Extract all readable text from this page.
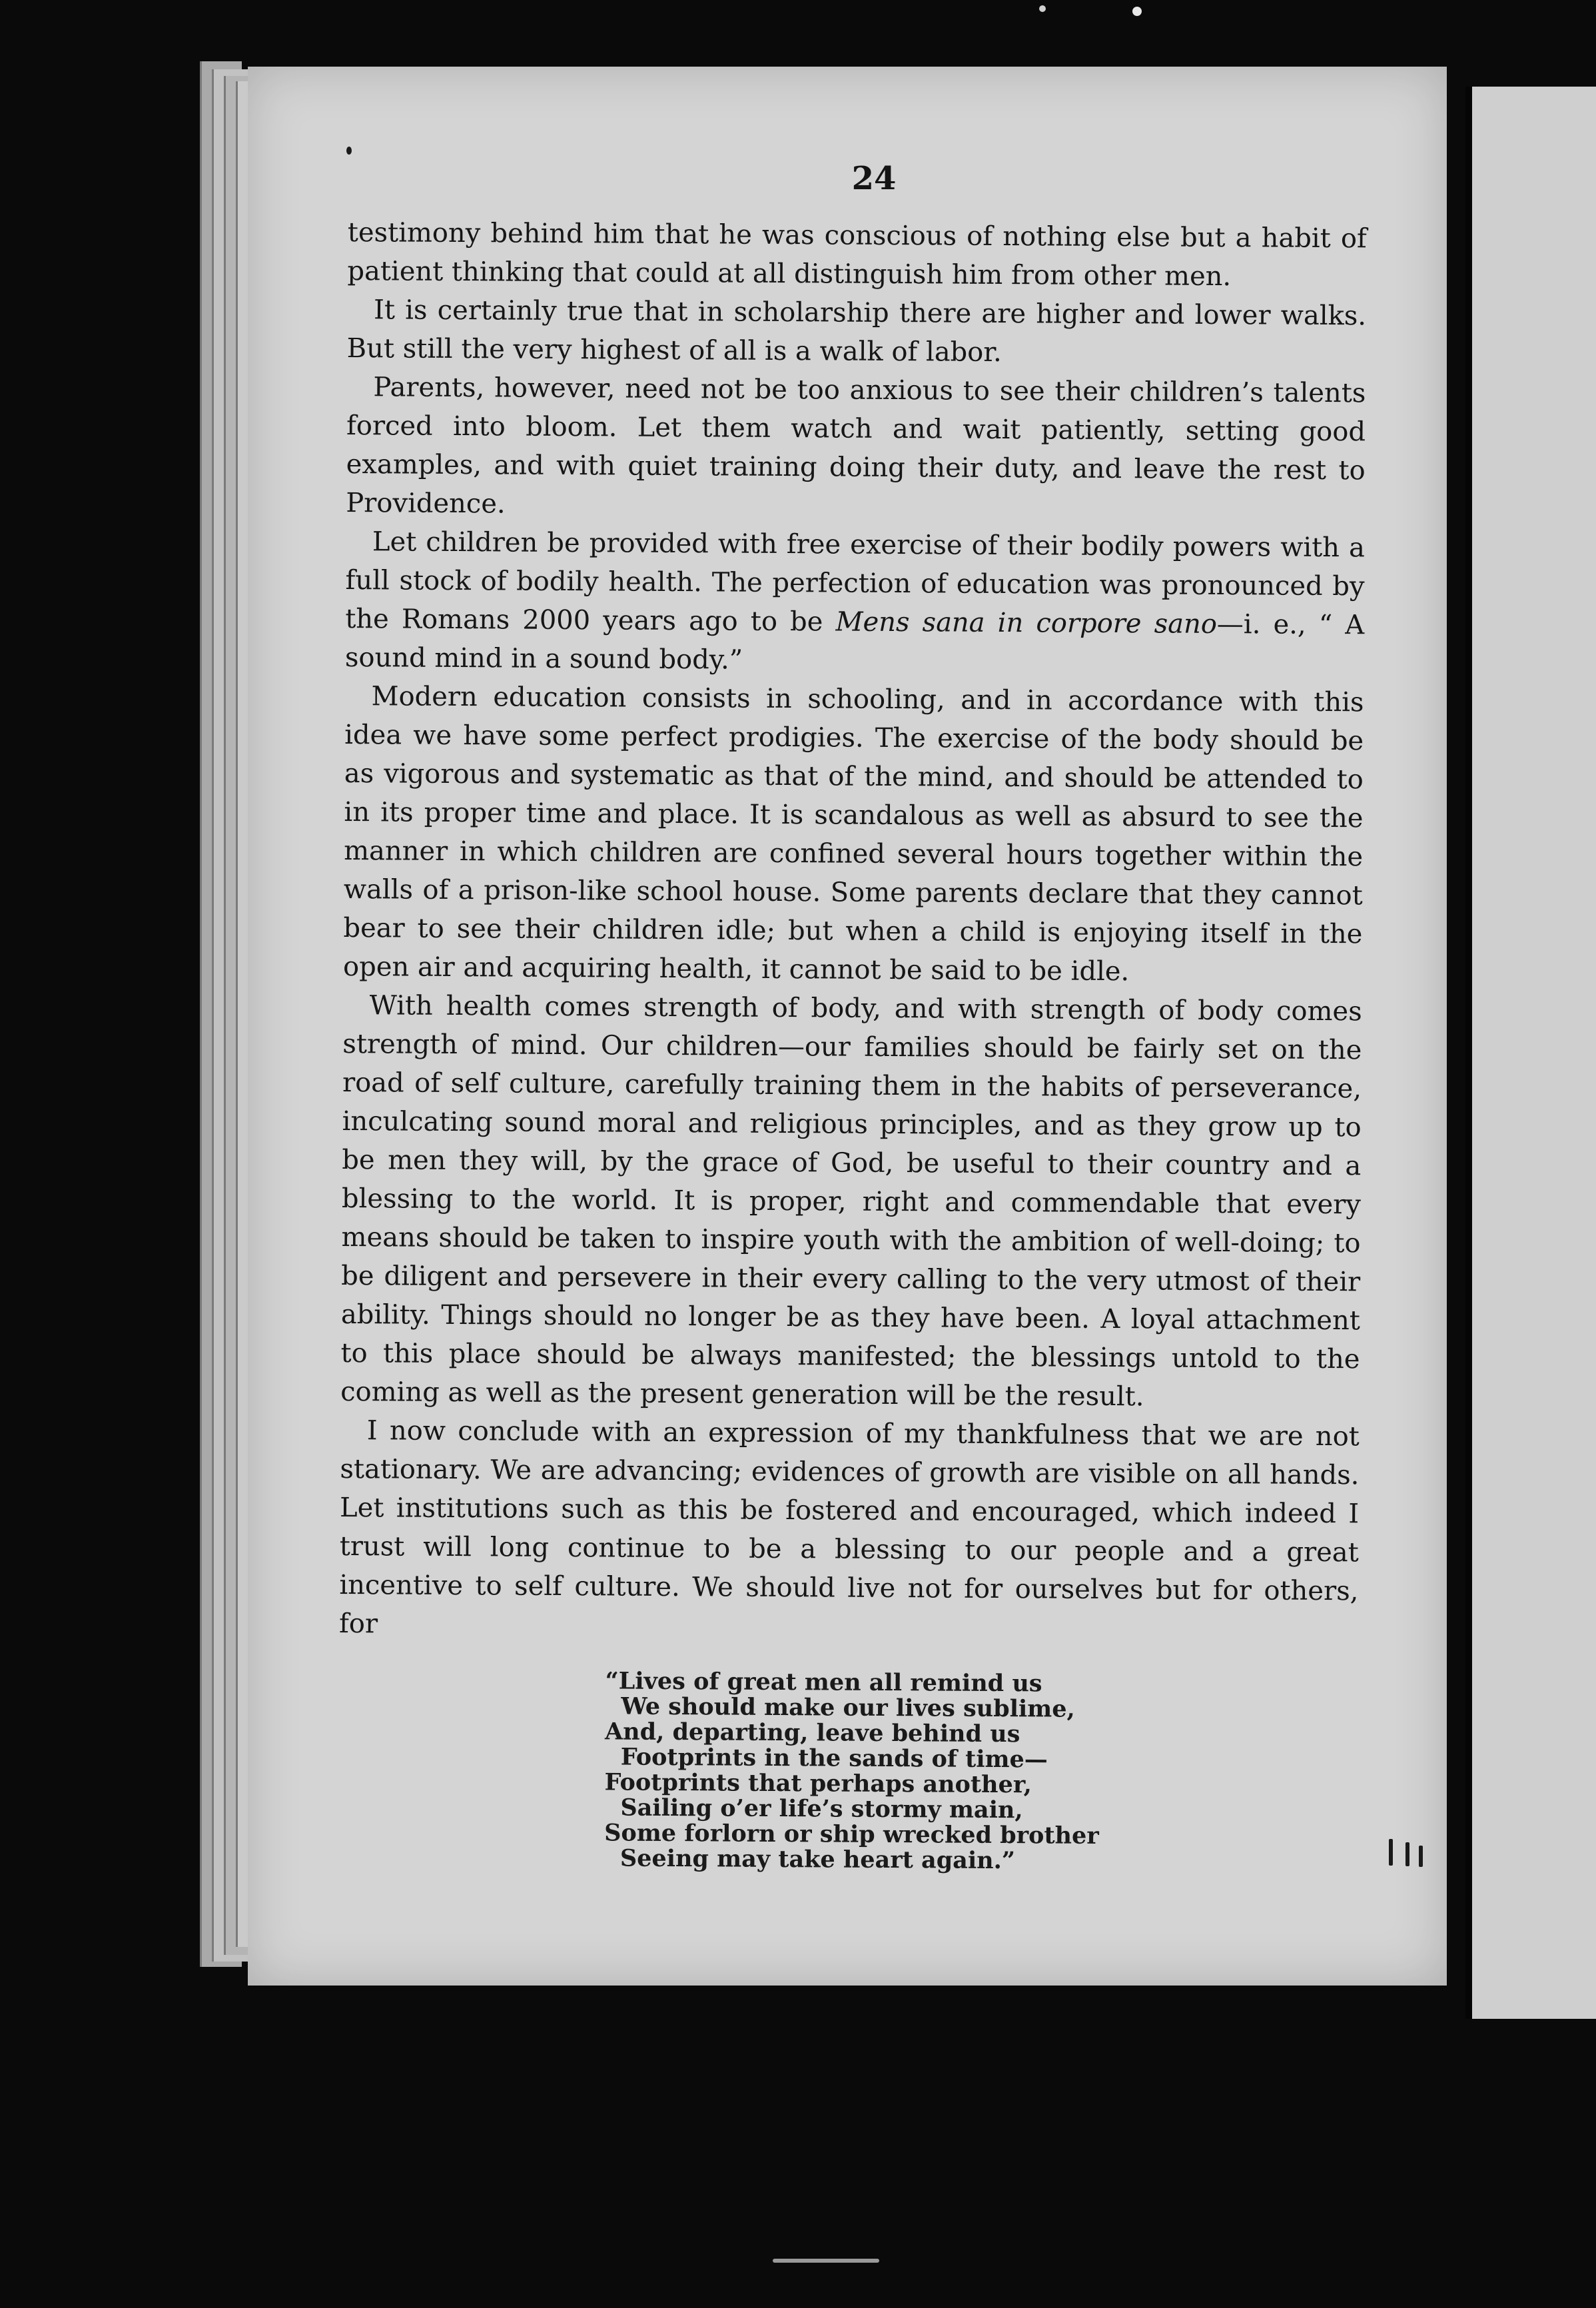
24

testimony behind him that he was conscious of nothing else but a habit of patient thinking that could at all distinguish him from other men.

It is certainly true that in scholarship there are higher and lower walks. But still the very highest of all is a walk of labor.

Parents, however, need not be too anxious to see their children’s talents forced into bloom. Let them watch and wait patiently, setting good examples, and with quiet training doing their duty, and leave the rest to Providence.

Let children be provided with free exercise of their bodily powers with a full stock of bodily health. The perfection of education was pronounced by the Romans 2000 years ago to be Mens sana in corpore sano—i. e., “ A sound mind in a sound body.”

Modern education consists in schooling, and in accordance with this idea we have some perfect prodigies. The exercise of the body should be as vigorous and systematic as that of the mind, and should be attended to in its proper time and place. It is scandalous as well as absurd to see the manner in which children are confined several hours together within the walls of a prison-like school house. Some parents declare that they cannot bear to see their children idle; but when a child is enjoying itself in the open air and acquiring health, it cannot be said to be idle.

With health comes strength of body, and with strength of body comes strength of mind. Our children—our families should be fairly set on the road of self culture, carefully training them in the habits of perseverance, inculcating sound moral and religious principles, and as they grow up to be men they will, by the grace of God, be useful to their country and a blessing to the world. It is proper, right and commendable that every means should be taken to inspire youth with the ambition of well-doing; to be diligent and persevere in their every calling to the very utmost of their ability. Things should no longer be as they have been. A loyal attachment to this place should be always manifested; the blessings untold to the coming as well as the present generation will be the result.

I now conclude with an expression of my thankfulness that we are not stationary. We are advancing; evidences of growth are visible on all hands. Let institutions such as this be fostered and encouraged, which indeed I trust will long continue to be a blessing to our people and a great incentive to self culture. We should live not for ourselves but for others, for

“Lives of great men all remind us
We should make our lives sublime,
And, departing, leave behind us
Footprints in the sands of time—
Footprints that perhaps another,
Sailing o’er life’s stormy main,
Some forlorn or ship wrecked brother
Seeing may take heart again.”
